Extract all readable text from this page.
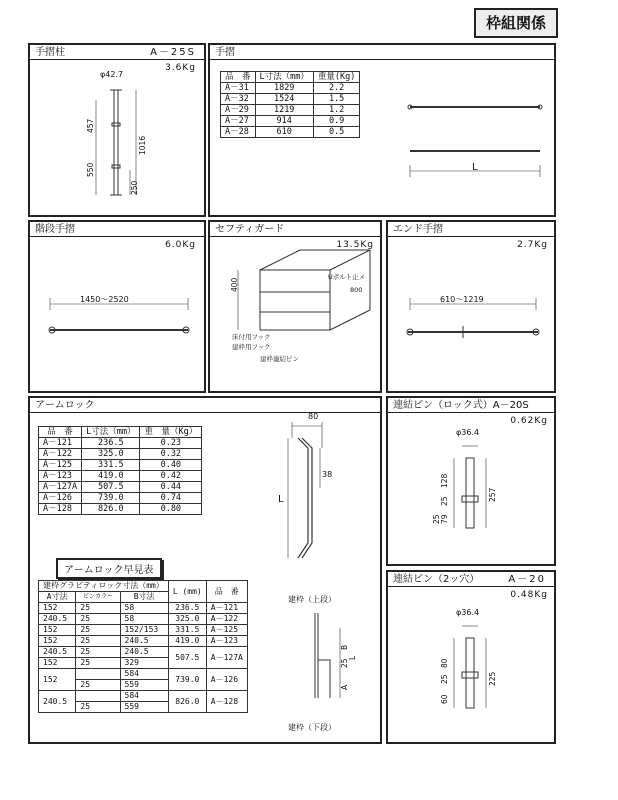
枠組関係
手摺柱	A－25S
3.6Kg
φ42.7
457
550
1016
250
手摺
品　番	L寸法（mm）	重量(Kg)
A－31	1829	2.2
A－32	1524	1.5
A－29	1219	1.2
A－27	914	0.9
A－28	610	0.5
L
階段手摺
6.0Kg
1450～2520
セフティガード
13.5Kg
400
Uボルト止メ
床付用フック
建枠用フック
建枠連結ピン
800
エンド手摺
2.7Kg
610～1219
アームロック
品　番	L寸法（mm）	重　量（Kg）
A－121	236.5	0.23
A－122	325.0	0.32
A－125	331.5	0.40
A－123	419.0	0.42
A－127A	507.5	0.44
A－126	739.0	0.74
A－128	826.0	0.80
80
38
L
アームロック早見表
建枠グラビティロック寸法（mm）			L (mm)	品　番
A寸法	ピンカラー	B寸法		
152	25	58	236.5	A－121
240.5	25	58	325.0	A－122
152	25	152/153	331.5	A－125
152	25	240.5	419.0	A－123
240.5	25	240.5	507.5	A－127A
152	25	329		
152		584	739.0	A－126
	25	559		
240.5		584	826.0	A－128
	25	559		
建枠（上段）
建枠（下段）
A
25
B
L
連結ピン（ロック式）A－20S
0.62Kg
φ36.4
128
25
79
25
257
連結ピン（2ッ穴）	A－20
0.48Kg
φ36.4
80
25
60
225
